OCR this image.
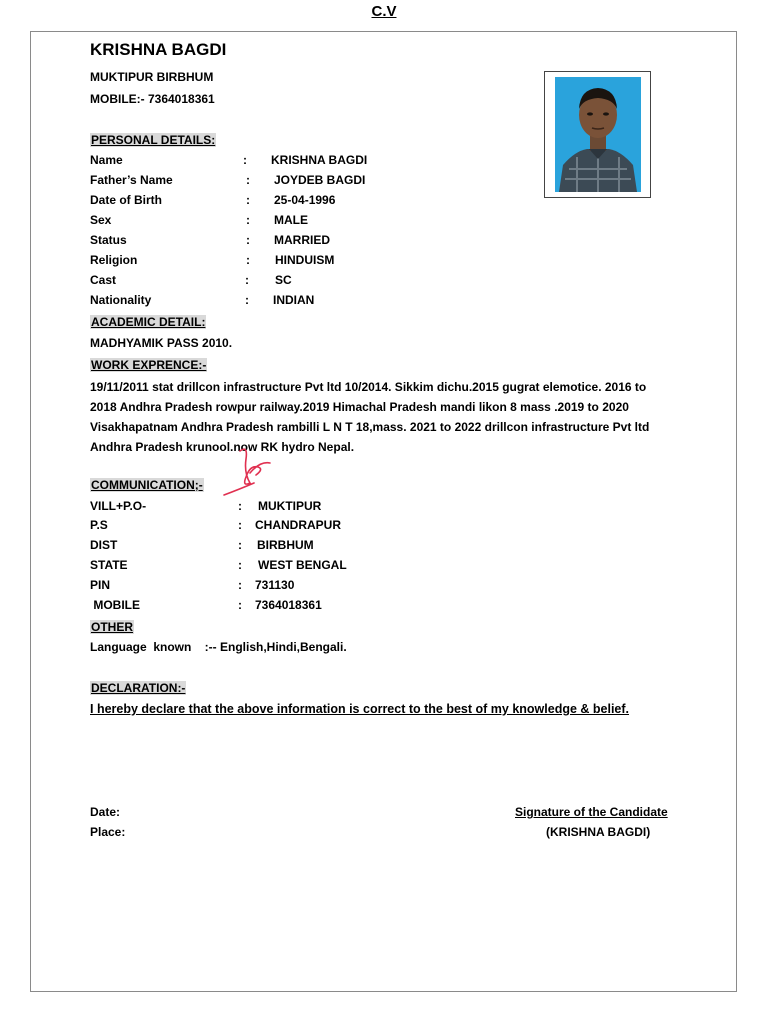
C.V
KRISHNA BAGDI
MUKTIPUR BIRBHUM
MOBILE:- 7364018361
PERSONAL DETAILS:
Name	: KRISHNA BAGDI
Father’s Name	: JOYDEB BAGDI
Date of Birth	: 25-04-1996
Sex	: MALE
Status	: MARRIED
Religion	: HINDUISM
Cast	: SC
Nationality	: INDIAN
ACADEMIC DETAIL:
MADHYAMIK PASS 2010.
WORK EXPRENCE:-
19/11/2011 stat drillcon infrastructure Pvt ltd 10/2014. Sikkim dichu.2015 gugrat elemotice. 2016 to 2018 Andhra Pradesh rowpur railway.2019 Himachal Pradesh mandi likon 8 mass .2019 to 2020 Visakhapatnam Andhra Pradesh rambilli L N T 18,mass. 2021 to 2022 drillcon infrastructure Pvt ltd Andhra Pradesh krunool.now RK hydro Nepal.
COMMUNICATION;-
VILL+P.O-	: MUKTIPUR
P.S	: CHANDRAPUR
DIST	: BIRBHUM
STATE	: WEST BENGAL
PIN	: 731130
MOBILE	: 7364018361
OTHER
Language  known    :-- English,Hindi,Bengali.
DECLARATION:-
I hereby declare that the above information is correct to the best of my knowledge & belief.
Date:
Place:
Signature of the Candidate
(KRISHNA BAGDI)
